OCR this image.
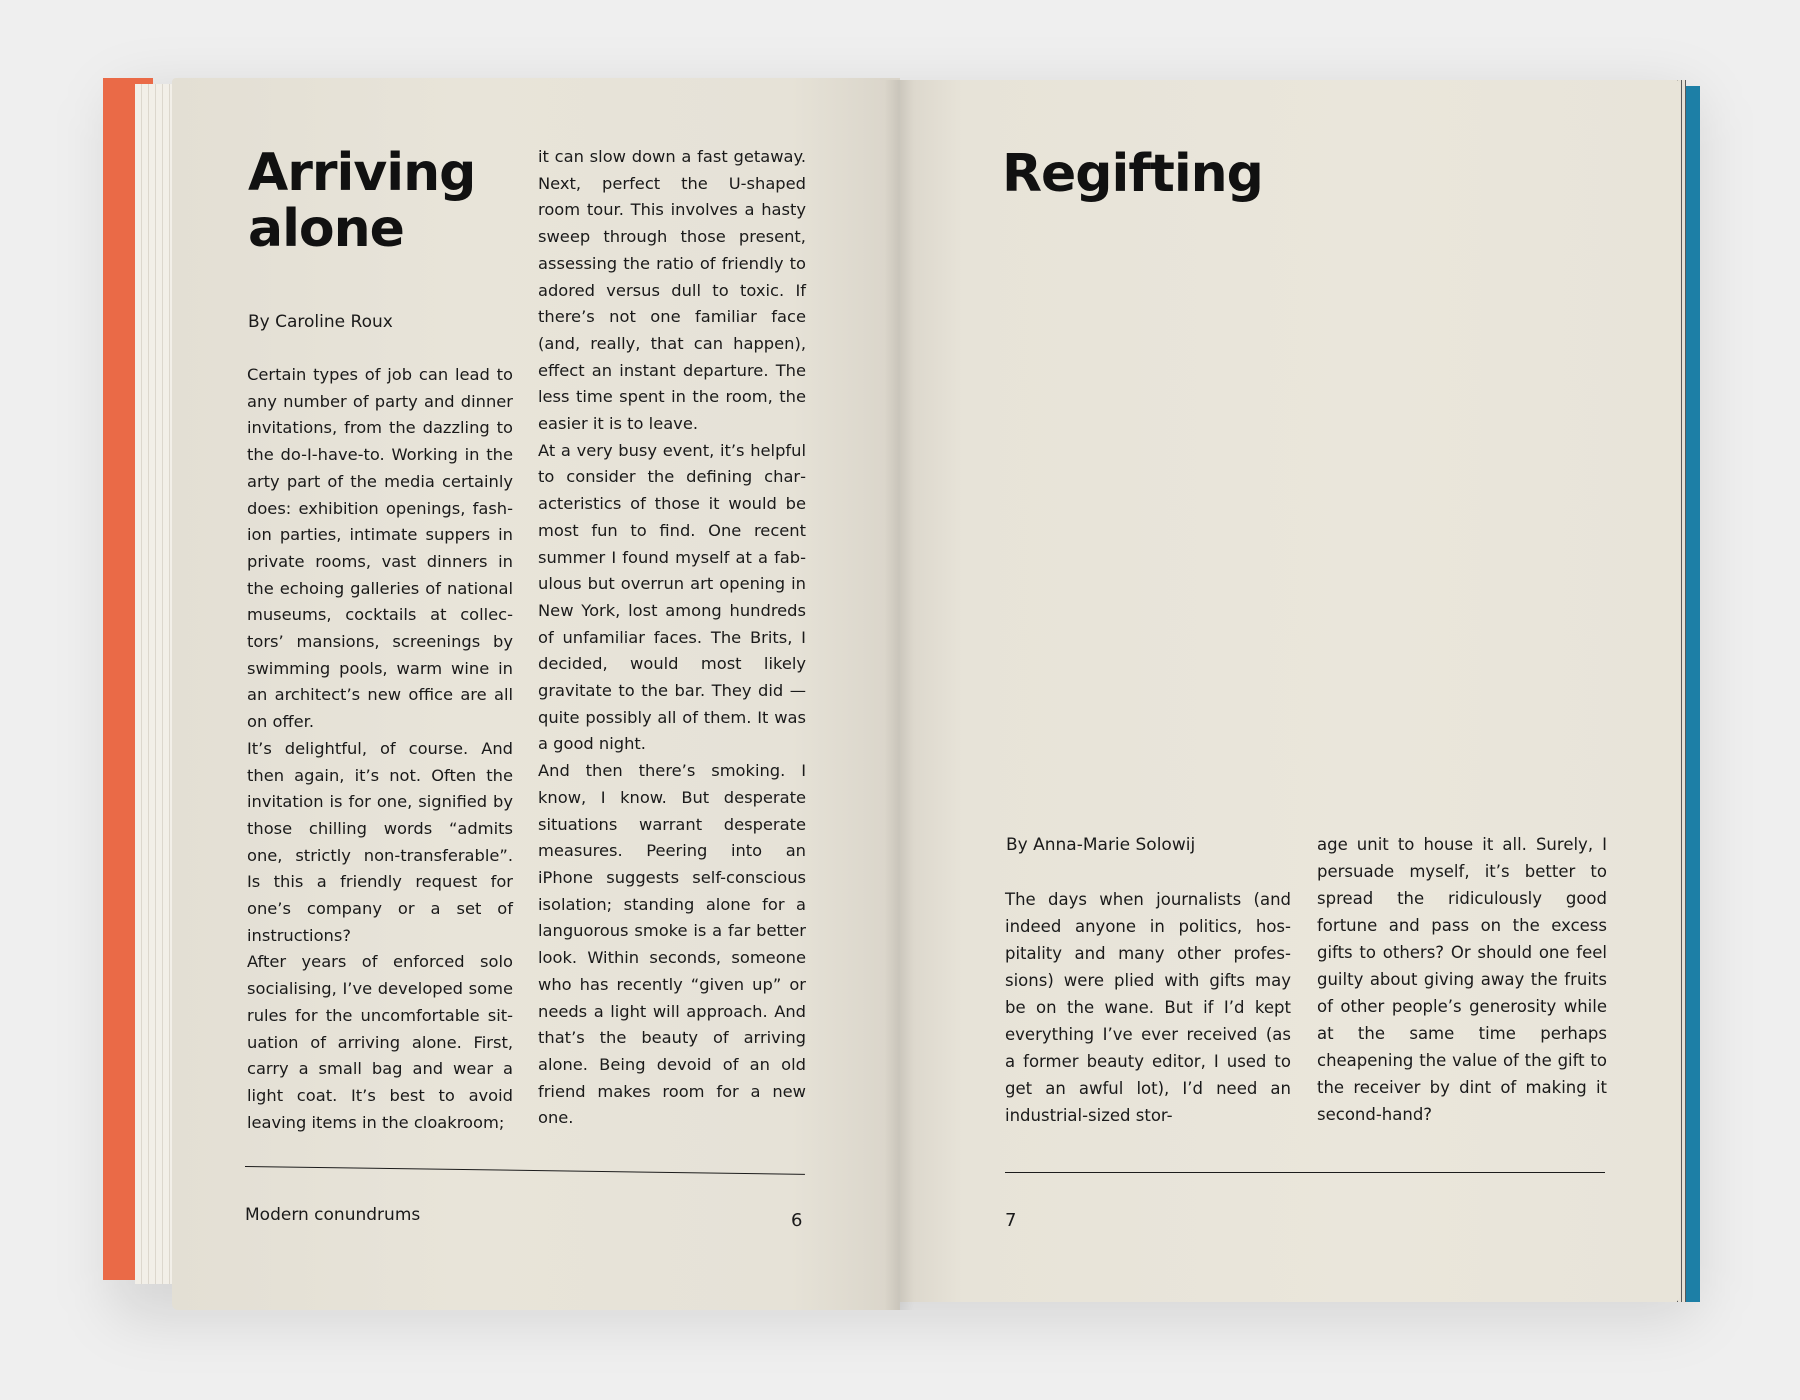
Arriving
alone
By Caroline Roux

Certain types of job can lead to any number of party and dinner invitations, from the dazzling to the do-I-have-to. Working in the arty part of the media certainly does: exhibition openings, fashion parties, intimate suppers in private rooms, vast dinners in the echoing galleries of national museums, cocktails at collectors’ mansions, screenings by swimming pools, warm wine in an architect’s new office are all on offer.

It’s delightful, of course. And then again, it’s not. Often the invitation is for one, signified by those chilling words “admits one, strictly non-transferable”. Is this a friendly request for one’s company or a set of instructions?

After years of enforced solo socialising, I’ve developed some rules for the uncomfortable situation of arriving alone. First, carry a small bag and wear a light coat. It’s best to avoid leaving items in the cloakroom;

it can slow down a fast getaway. Next, perfect the U-shaped room tour. This involves a hasty sweep through those present, assessing the ratio of friendly to adored versus dull to toxic. If there’s not one familiar face (and, really, that can happen), effect an instant departure. The less time spent in the room, the easier it is to leave.

At a very busy event, it’s helpful to consider the defining characteristics of those it would be most fun to find. One recent summer I found myself at a fabulous but overrun art opening in New York, lost among hundreds of unfamiliar faces. The Brits, I decided, would most likely gravitate to the bar. They did — quite possibly all of them. It was a good night.

And then there’s smoking. I know, I know. But desperate situations warrant desperate measures. Peering into an iPhone suggests self-conscious isolation; standing alone for a languorous smoke is a far better look. Within seconds, someone who has recently “given up” or needs a light will approach. And that’s the beauty of arriving alone. Being devoid of an old friend makes room for a new one.

Modern conundrums	6
Regifting
By Anna-Marie Solowij

The days when journalists (and indeed anyone in politics, hospitality and many other professions) were plied with gifts may be on the wane. But if I’d kept everything I’ve ever received (as a former beauty editor, I used to get an awful lot), I’d need an industrial-sized stor-

age unit to house it all. Surely, I persuade myself, it’s better to spread the ridiculously good fortune and pass on the excess gifts to others? Or should one feel guilty about giving away the fruits of other people’s generosity while at the same time perhaps cheapening the value of the gift to the receiver by dint of making it second-hand?

7
